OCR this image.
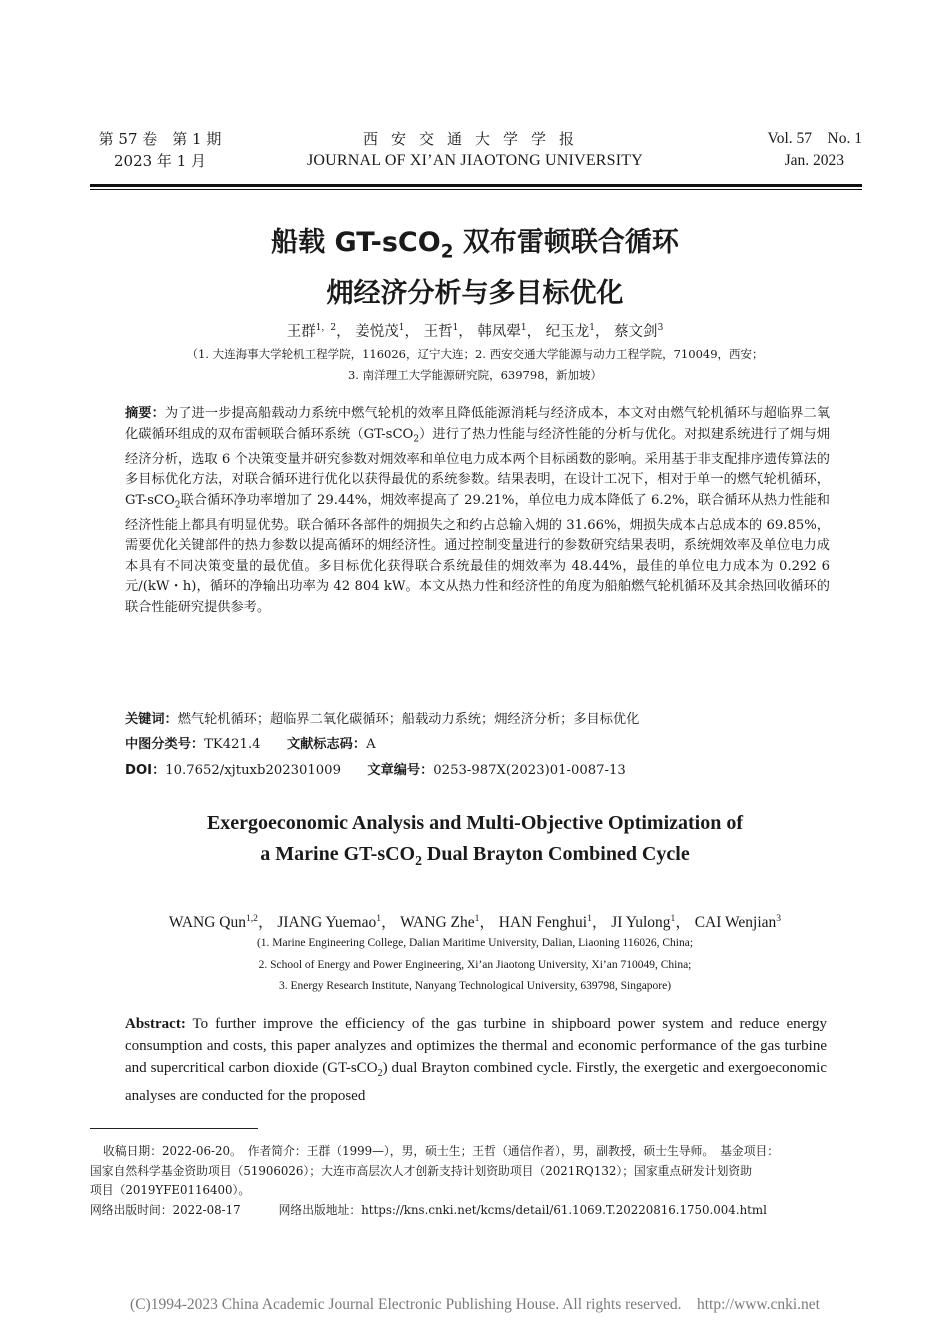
第 57 卷　第 1 期
2023 年 1 月
西安交通大学学报
JOURNAL OF XI’AN JIAOTONG UNIVERSITY
Vol. 57　No. 1
Jan. 2023
船载 GT-sCO$_2$ 双布雷顿联合循环
㶲经济分析与多目标优化
王群$^{1,2}$， 姜悦茂$^1$， 王哲$^1$， 韩凤翚$^1$， 纪玉龙$^1$， 蔡文剑$^3$
（1. 大连海事大学轮机工程学院，116026，辽宁大连；2. 西安交通大学能源与动力工程学院，710049，西安；
3. 南洋理工大学能源研究院，639798，新加坡）
摘要：为了进一步提高船载动力系统中燃气轮机的效率且降低能源消耗与经济成本，本文对由燃气轮机循环与超临界二氧化碳循环组成的双布雷顿联合循环系统（GT-sCO$_2$）进行了热力性能与经济性能的分析与优化。对拟建系统进行了㶲与㶲经济分析，选取 6 个决策变量并研究参数对㶲效率和单位电力成本两个目标函数的影响。采用基于非支配排序遗传算法的多目标优化方法，对联合循环进行优化以获得最优的系统参数。结果表明，在设计工况下，相对于单一的燃气轮机循环，GT-sCO$_2$联合循环净功率增加了 29.44%，㶲效率提高了 29.21%，单位电力成本降低了 6.2%，联合循环从热力性能和经济性能上都具有明显优势。联合循环各部件的㶲损失之和约占总输入㶲的 31.66%，㶲损失成本占总成本的 69.85%，需要优化关键部件的热力参数以提高循环的㶲经济性。通过控制变量进行的参数研究结果表明，系统㶲效率及单位电力成本具有不同决策变量的最优值。多目标优化获得联合系统最佳的㶲效率为 48.44%，最佳的单位电力成本为 0.292 6 元/(kW・h)，循环的净输出功率为 42 804 kW。本文从热力性和经济性的角度为船舶燃气轮机循环及其余热回收循环的联合性能研究提供参考。
关键词：燃气轮机循环；超临界二氧化碳循环；船载动力系统；㶲经济分析；多目标优化
中图分类号：TK421.4 文献标志码：A
DOI：10.7652/xjtuxb202301009 文章编号：0253-987X(2023)01-0087-13
Exergoeconomic Analysis and Multi-Objective Optimization of
a Marine GT-sCO$_2$ Dual Brayton Combined Cycle
WANG Qun$^{1,2}$， JIANG Yuemao$^1$， WANG Zhe$^1$， HAN Fenghui$^1$， JI Yulong$^1$， CAI Wenjian$^3$
(1. Marine Engineering College, Dalian Maritime University, Dalian, Liaoning 116026, China;
2. School of Energy and Power Engineering, Xi’an Jiaotong University, Xi’an 710049, China;
3. Energy Research Institute, Nanyang Technological University, 639798, Singapore)
Abstract: To further improve the efficiency of the gas turbine in shipboard power system and reduce energy consumption and costs, this paper analyzes and optimizes the thermal and economic performance of the gas turbine and supercritical carbon dioxide (GT-sCO$_2$) dual Brayton combined cycle. Firstly, the exergetic and exergoeconomic analyses are conducted for the proposed
收稿日期：2022-06-20。　作者简介：王群（1999—），男，硕士生；王哲（通信作者），男，副教授，硕士生导师。　基金项目：
国家自然科学基金资助项目（51906026）；大连市高层次人才创新支持计划资助项目（2021RQ132）；国家重点研发计划资助
项目（2019YFE0116400）。
网络出版时间：2022-08-17	网络出版地址：https://kns.cnki.net/kcms/detail/61.1069.T.20220816.1750.004.html
(C)1994-2023 China Academic Journal Electronic Publishing House. All rights reserved.    http://www.cnki.net
